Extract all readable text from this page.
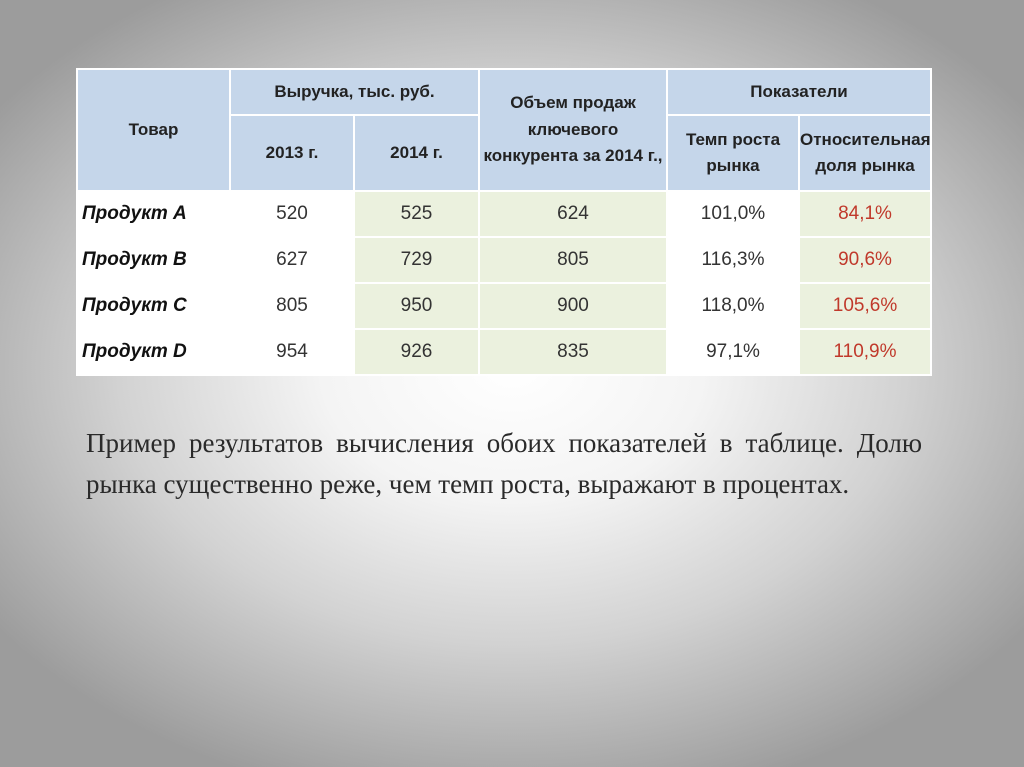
Товар	Выручка, тыс. руб.		Объем продаж ключевого конкурента за 2014 г.,	Показатели	
	2013 г.	2014 г.		Темп роста рынка	Относительная доля рынка
Продукт А	520	525	624	101,0%	84,1%
Продукт В	627	729	805	116,3%	90,6%
Продукт С	805	950	900	118,0%	105,6%
Продукт D	954	926	835	97,1%	110,9%

Пример результатов вычисления обоих показателей в таблице. Долю рынка существенно реже, чем темп роста, выражают в процентах.
